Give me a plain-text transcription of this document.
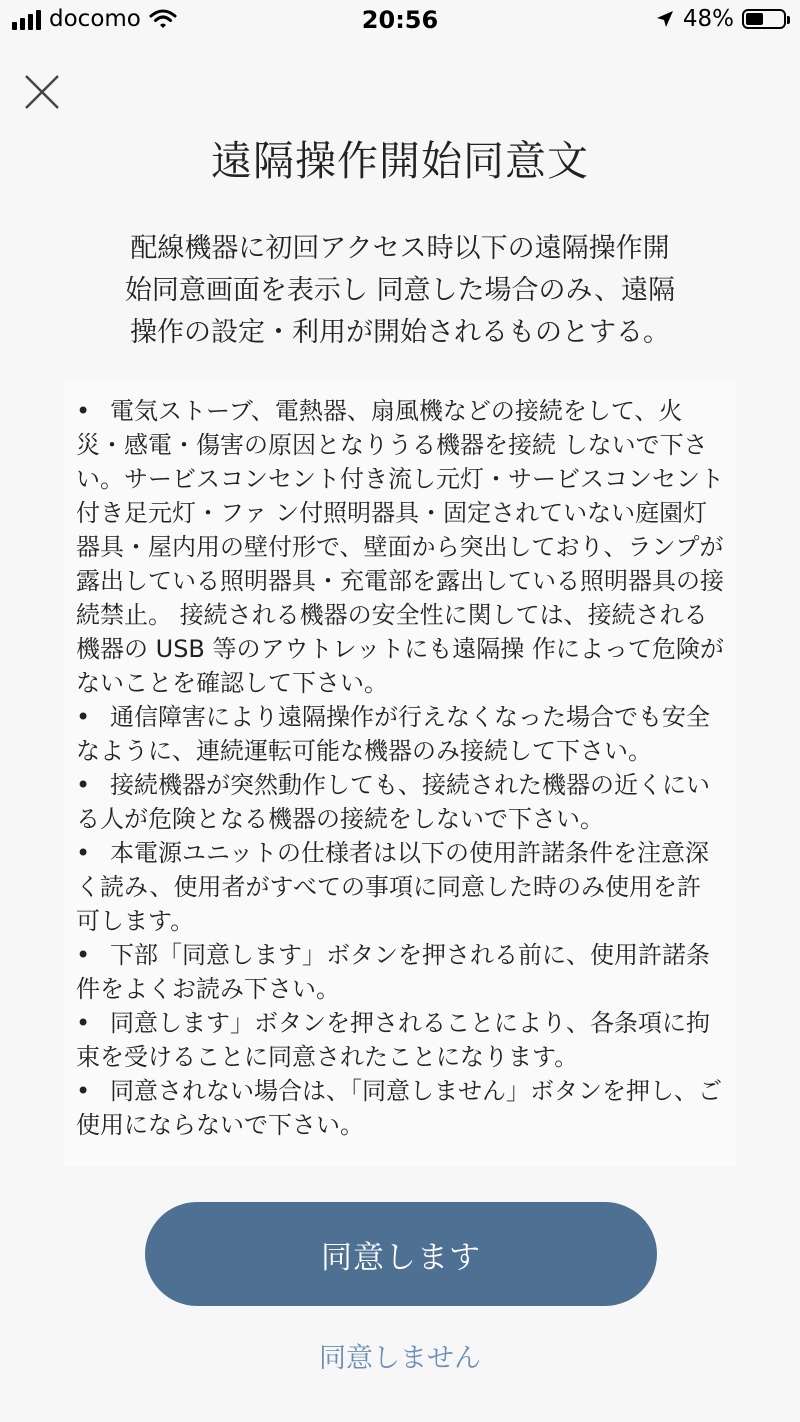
docomo	20:56	48%
遠隔操作開始同意文
配線機器に初回アクセス時以下の遠隔操作開
始同意画面を表示し 同意した場合のみ、遠隔
操作の設定・利用が開始されるものとする。

• 電気ストーブ、電熱器、扇風機などの接続をして、火災・感電・傷害の原因となりうる機器を接続 しないで下さい。サービスコンセント付き流し元灯・サービスコンセント付き足元灯・ファ ン付照明器具・固定されていない庭園灯器具・屋内用の壁付形で、壁面から突出しており、ランプが露出している照明器具・充電部を露出している照明器具の接続禁止。 接続される機器の安全性に関しては、接続される機器の USB 等のアウトレットにも遠隔操 作によって危険がないことを確認して下さい。

• 通信障害により遠隔操作が行えなくなった場合でも安全なように、連続運転可能な機器のみ接続して下さい。

• 接続機器が突然動作しても、接続された機器の近くにいる人が危険となる機器の接続をしないで下さい。

• 本電源ユニットの仕様者は以下の使用許諾条件を注意深く読み、使用者がすべての事項に同意した時のみ使用を許可します。

• 下部「同意します」ボタンを押される前に、使用許諾条件をよくお読み下さい。

• 同意します」ボタンを押されることにより、各条項に拘束を受けることに同意されたことになります。

• 同意されない場合は、「同意しません」ボタンを押し、ご使用にならないで下さい。

同意します
同意しません
